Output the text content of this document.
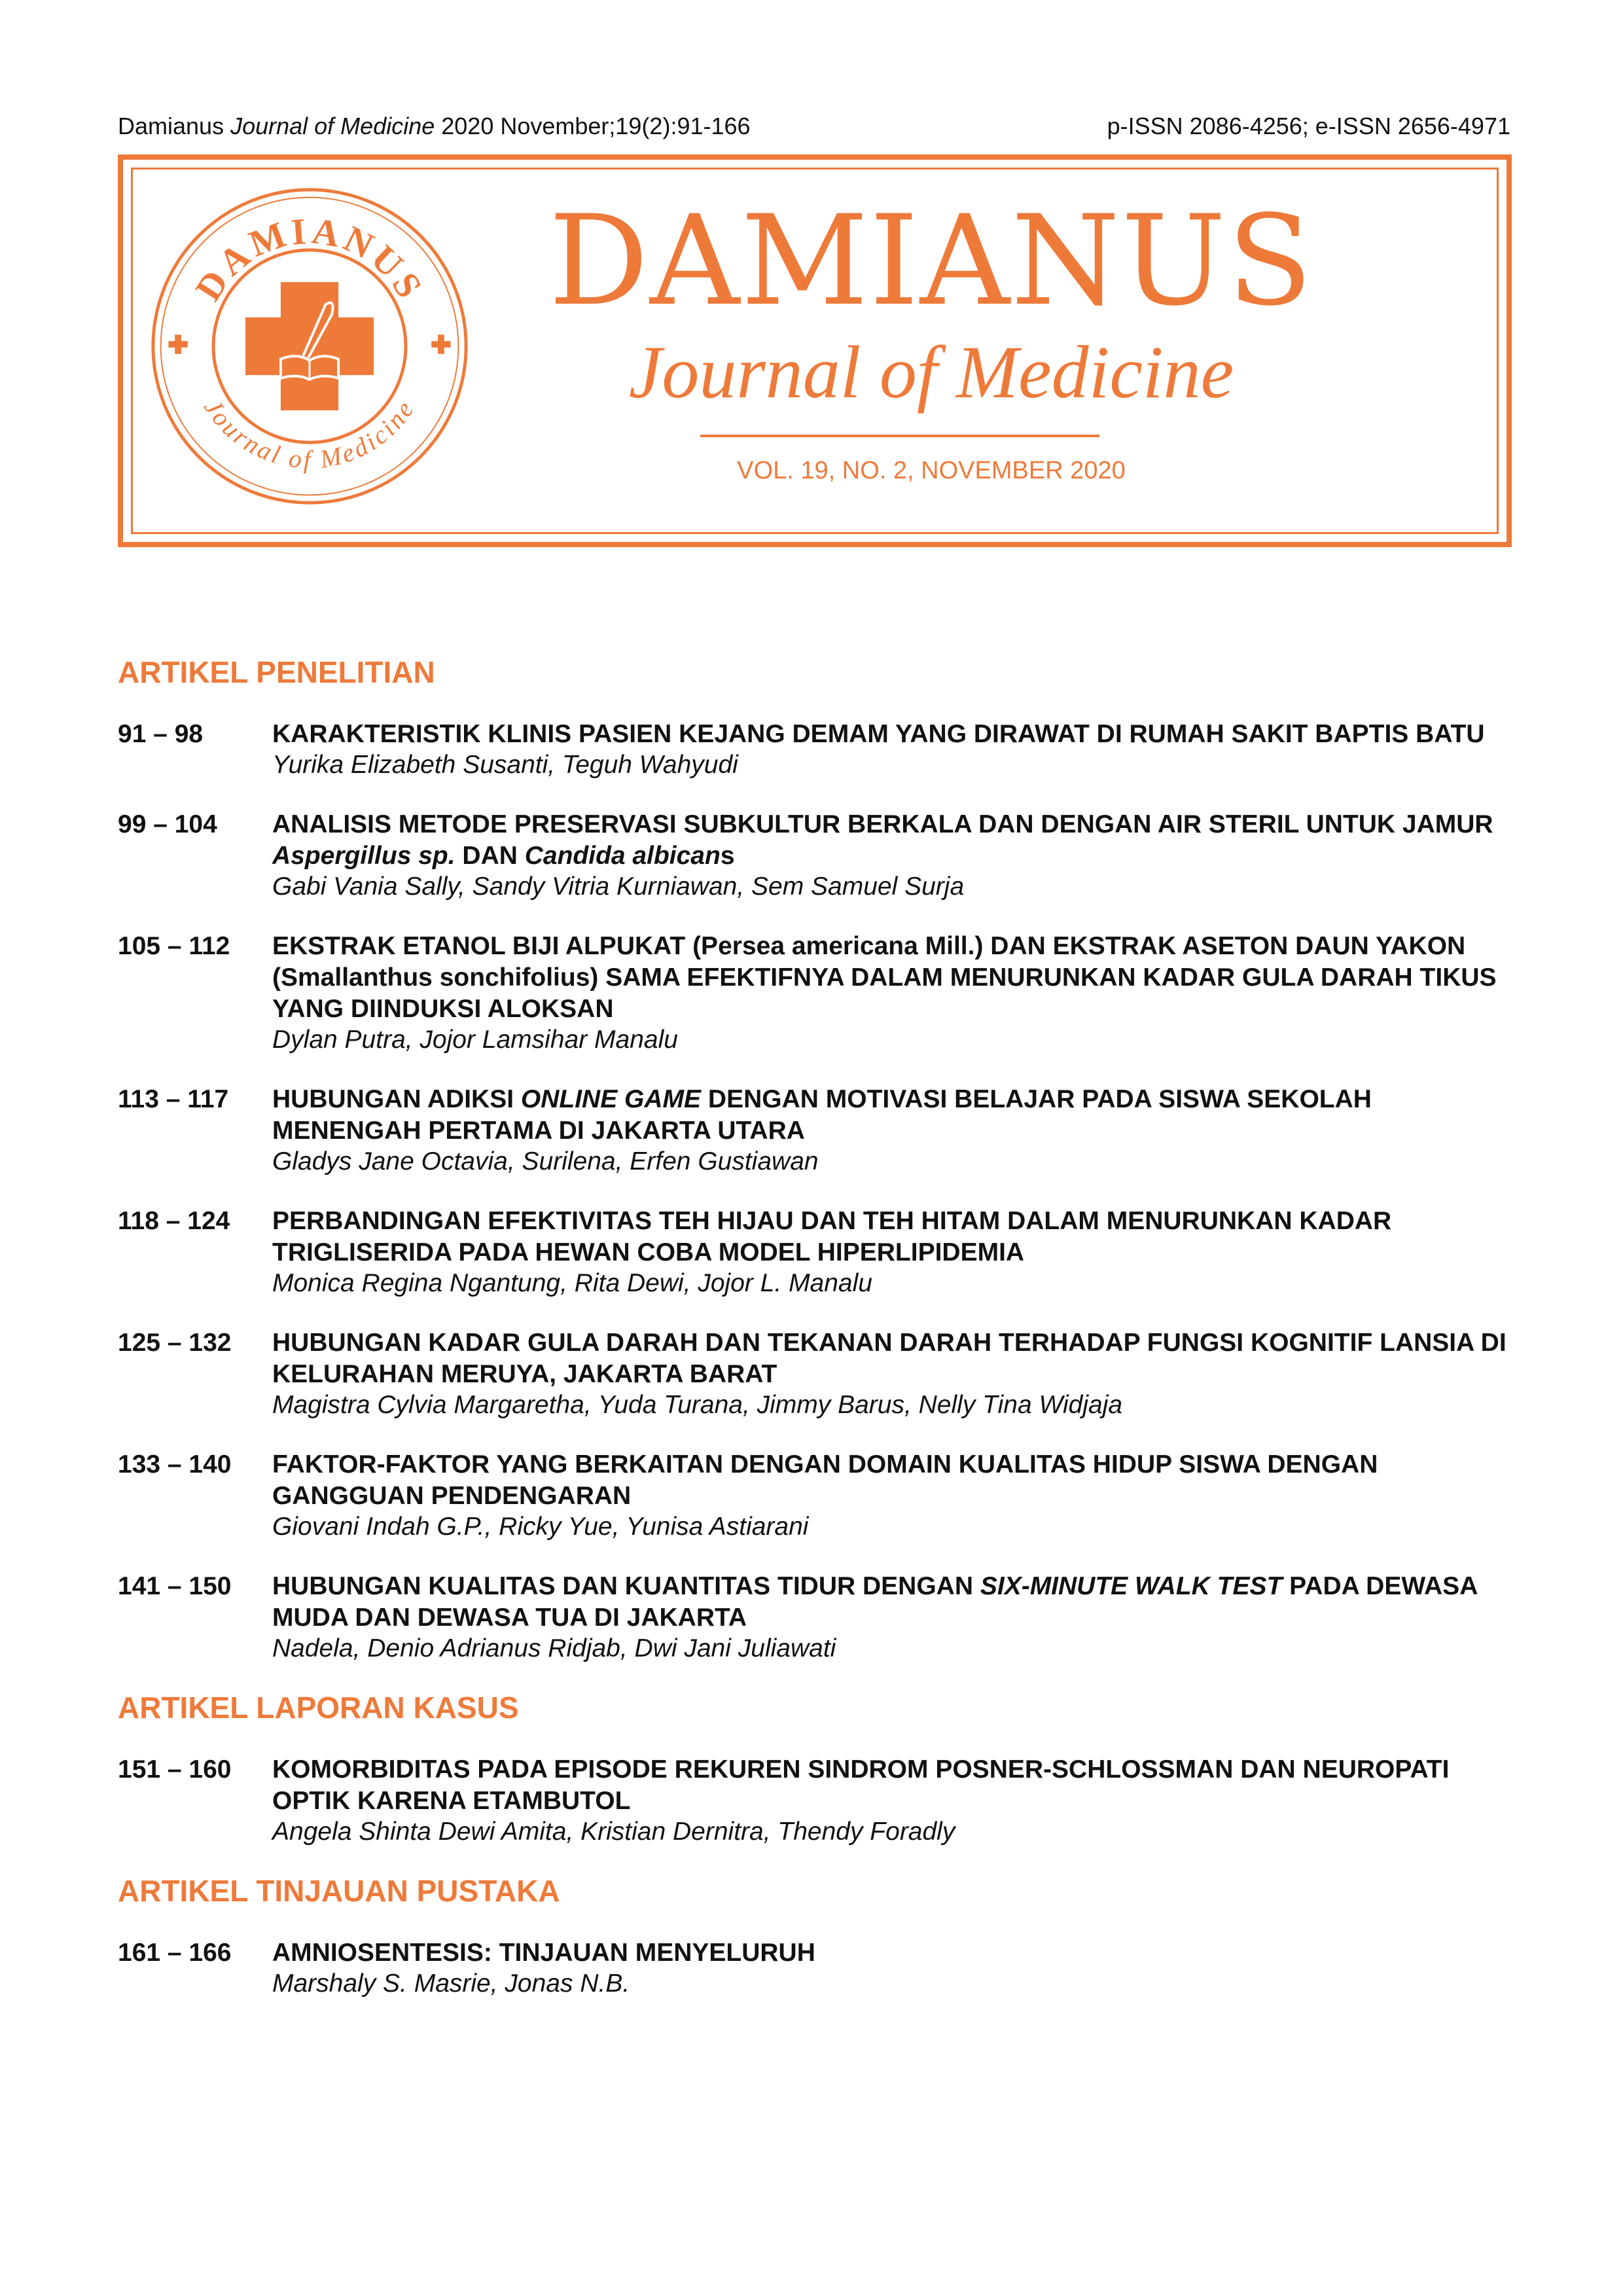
Damianus Journal of Medicine 2020 November;19(2):91-166	p-ISSN 2086-4256; e-ISSN 2656-4971
DAMIANUS
Journal of Medicine
DAMIANUS
Journal of Medicine
VOL. 19, NO. 2, NOVEMBER 2020
ARTIKEL PENELITIAN
91 – 98	KARAKTERISTIK KLINIS PASIEN KEJANG DEMAM YANG DIRAWAT DI RUMAH SAKIT BAPTIS BATU
Yurika Elizabeth Susanti, Teguh Wahyudi
99 – 104	ANALISIS METODE PRESERVASI SUBKULTUR BERKALA DAN DENGAN AIR STERIL UNTUK JAMUR Aspergillus sp. DAN Candida albicans
Gabi Vania Sally, Sandy Vitria Kurniawan, Sem Samuel Surja
105 – 112	EKSTRAK ETANOL BIJI ALPUKAT (Persea americana Mill.) DAN EKSTRAK ASETON DAUN YAKON (Smallanthus sonchifolius) SAMA EFEKTIFNYA DALAM MENURUNKAN KADAR GULA DARAH TIKUS YANG DIINDUKSI ALOKSAN
Dylan Putra, Jojor Lamsihar Manalu
113 – 117	HUBUNGAN ADIKSI ONLINE GAME DENGAN MOTIVASI BELAJAR PADA SISWA SEKOLAH MENENGAH PERTAMA DI JAKARTA UTARA
Gladys Jane Octavia, Surilena, Erfen Gustiawan
118 – 124	PERBANDINGAN EFEKTIVITAS TEH HIJAU DAN TEH HITAM DALAM MENURUNKAN KADAR TRIGLISERIDA PADA HEWAN COBA MODEL HIPERLIPIDEMIA
Monica Regina Ngantung, Rita Dewi, Jojor L. Manalu
125 – 132	HUBUNGAN KADAR GULA DARAH DAN TEKANAN DARAH TERHADAP FUNGSI KOGNITIF LANSIA DI KELURAHAN MERUYA, JAKARTA BARAT
Magistra Cylvia Margaretha, Yuda Turana, Jimmy Barus, Nelly Tina Widjaja
133 – 140	FAKTOR-FAKTOR YANG BERKAITAN DENGAN DOMAIN KUALITAS HIDUP SISWA DENGAN GANGGUAN PENDENGARAN
Giovani Indah G.P., Ricky Yue, Yunisa Astiarani
141 – 150	HUBUNGAN KUALITAS DAN KUANTITAS TIDUR DENGAN SIX-MINUTE WALK TEST PADA DEWASA MUDA DAN DEWASA TUA DI JAKARTA
Nadela, Denio Adrianus Ridjab, Dwi Jani Juliawati
ARTIKEL LAPORAN KASUS
151 – 160	KOMORBIDITAS PADA EPISODE REKUREN SINDROM POSNER-SCHLOSSMAN DAN NEUROPATI OPTIK KARENA ETAMBUTOL
Angela Shinta Dewi Amita, Kristian Dernitra, Thendy Foradly
ARTIKEL TINJAUAN PUSTAKA
161 – 166	AMNIOSENTESIS: TINJAUAN MENYELURUH
Marshaly S. Masrie, Jonas N.B.
